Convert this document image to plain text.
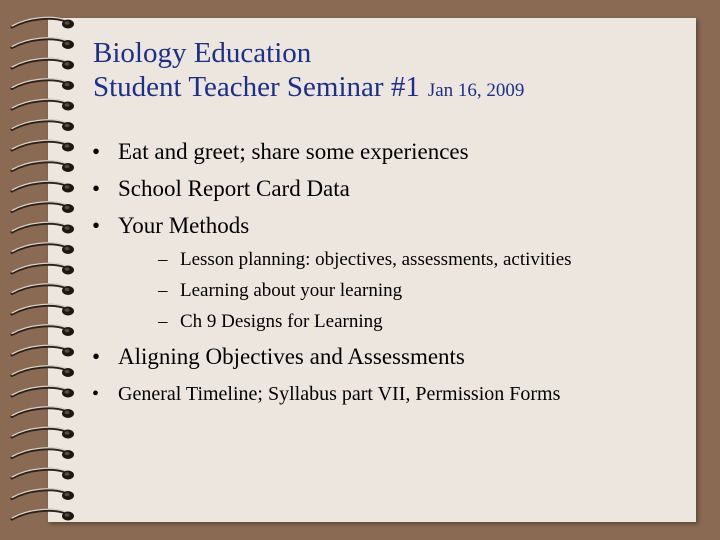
Biology Education
Student Teacher Seminar #1 Jan 16, 2009
• Eat and greet; share some experiences
• School Report Card Data
• Your Methods
– Lesson planning: objectives, assessments, activities
– Learning about your learning
– Ch 9 Designs for Learning
• Aligning Objectives and Assessments
• General Timeline; Syllabus part VII, Permission Forms
